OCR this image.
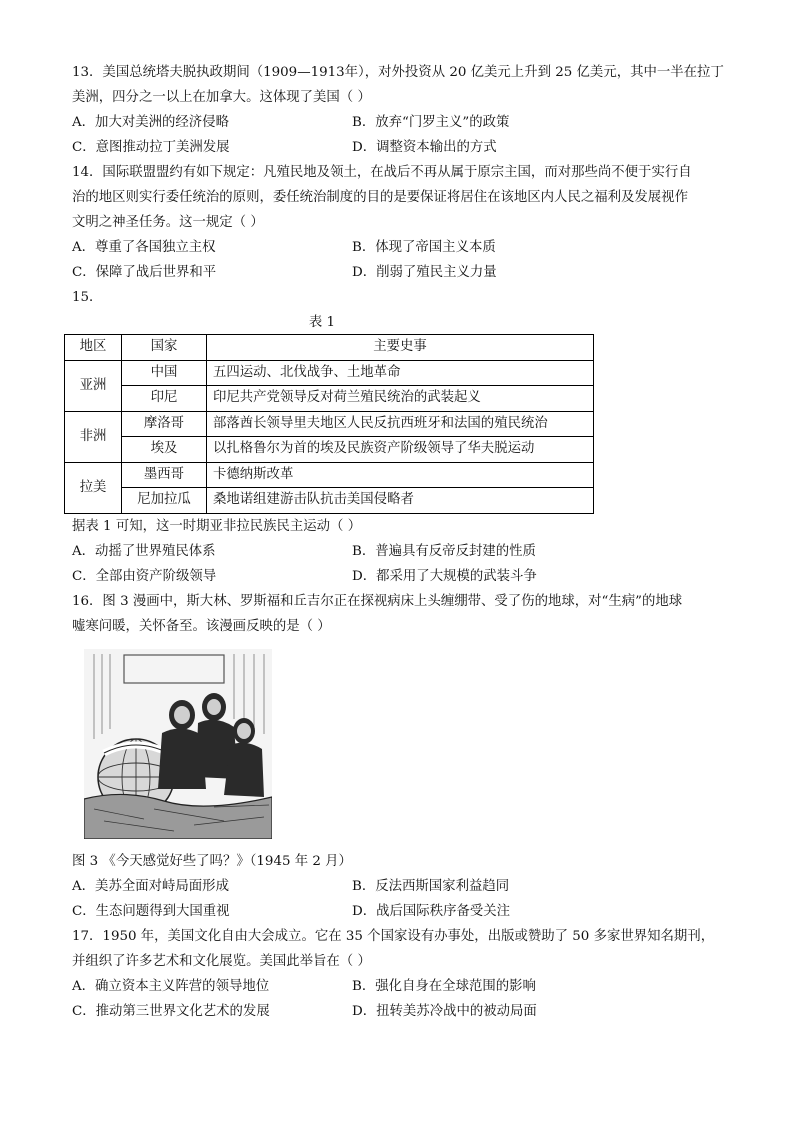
13．美国总统塔夫脱执政期间（1909—1913年），对外投资从 20 亿美元上升到 25 亿美元，其中一半在拉丁
美洲，四分之一以上在加拿大。这体现了美国（ ）
A．加大对美洲的经济侵略	B．放弃“门罗主义”的政策
C．意图推动拉丁美洲发展	D．调整资本输出的方式
14．国际联盟盟约有如下规定：凡殖民地及领土，在战后不再从属于原宗主国，而对那些尚不便于实行自
治的地区则实行委任统治的原则，委任统治制度的目的是要保证将居住在该地区内人民之福利及发展视作
文明之神圣任务。这一规定（ ）
A．尊重了各国独立主权	B．体现了帝国主义本质
C．保障了战后世界和平	D．削弱了殖民主义力量
15．
表 1
地区	国家	主要史事
亚洲	中国	五四运动、北伐战争、土地革命
	印尼	印尼共产党领导反对荷兰殖民统治的武装起义
非洲	摩洛哥	部落酋长领导里夫地区人民反抗西班牙和法国的殖民统治
	埃及	以扎格鲁尔为首的埃及民族资产阶级领导了华夫脱运动
拉美	墨西哥	卡德纳斯改革
	尼加拉瓜	桑地诺组建游击队抗击美国侵略者
据表 1 可知，这一时期亚非拉民族民主运动（ ）
A．动摇了世界殖民体系	B．普遍具有反帝反封建的性质
C．全部由资产阶级领导	D．都采用了大规模的武装斗争
16．图 3 漫画中，斯大林、罗斯福和丘吉尔正在探视病床上头缠绷带、受了伤的地球，对“生病”的地球
嘘寒问暖，关怀备至。该漫画反映的是（ ）
图 3 《今天感觉好些了吗？》（1945 年 2 月）
A．美苏全面对峙局面形成	B．反法西斯国家利益趋同
C．生态问题得到大国重视	D．战后国际秩序备受关注
17．1950 年，美国文化自由大会成立。它在 35 个国家设有办事处，出版或赞助了 50 多家世界知名期刊，
并组织了许多艺术和文化展览。美国此举旨在（ ）
A．确立资本主义阵营的领导地位	B．强化自身在全球范围的影响
C．推动第三世界文化艺术的发展	D．扭转美苏冷战中的被动局面
